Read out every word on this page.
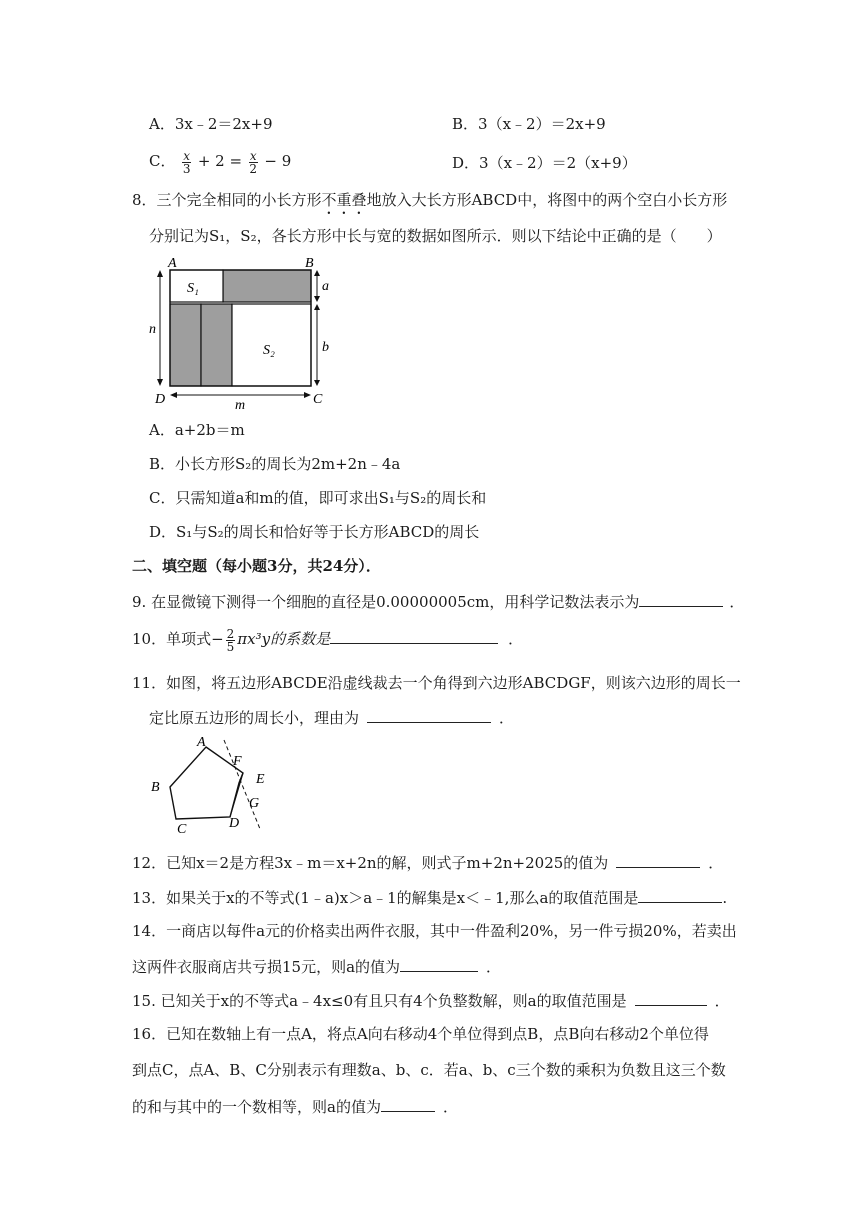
A．3x﹣2＝2x+9	B．3（x﹣2）＝2x+9
C． $\frac{x}{3} + 2 = \frac{x}{2} - 9$	D．3（x﹣2）＝2（x+9）
8．三个完全相同的小长方形不重叠地放入大长方形ABCD中，将图中的两个空白小长方形
分别记为S₁，S₂，各长方形中长与宽的数据如图所示．则以下结论中正确的是（　　）
A	B
D	C
S₁
S₂
a
b
n
m
A．a+2b＝m
B．小长方形S₂的周长为2m+2n﹣4a
C．只需知道a和m的值，即可求出S₁与S₂的周长和
D．S₁与S₂的周长和恰好等于长方形ABCD的周长
二、填空题（每小题3分，共24分）．
9. 在显微镜下测得一个细胞的直径是0.00000005cm，用科学记数法表示为	．
10．单项式− $\frac{2}{5} \pi x^3y$的系数是	．
11．如图，将五边形ABCDE沿虚线裁去一个角得到六边形ABCDGF，则该六边形的周长一
定比原五边形的周长小，理由为	．
A
B
C	D
E
F
G
12．已知x＝2是方程3x﹣m＝x+2n的解，则式子m+2n+2025的值为	．
13．如果关于x的不等式(1﹣a)x＞a﹣1的解集是x＜﹣1,那么a的取值范围是	.
14．一商店以每件a元的价格卖出两件衣服，其中一件盈利20%，另一件亏损20%，若卖出
这两件衣服商店共亏损15元，则a的值为	．
15. 已知关于x的不等式a﹣4x≤0有且只有4个负整数解，则a的取值范围是	．
16．已知在数轴上有一点A，将点A向右移动4个单位得到点B，点B向右移动2个单位得
到点C，点A、B、C分别表示有理数a、b、c．若a、b、c三个数的乘积为负数且这三个数
的和与其中的一个数相等，则a的值为	．
